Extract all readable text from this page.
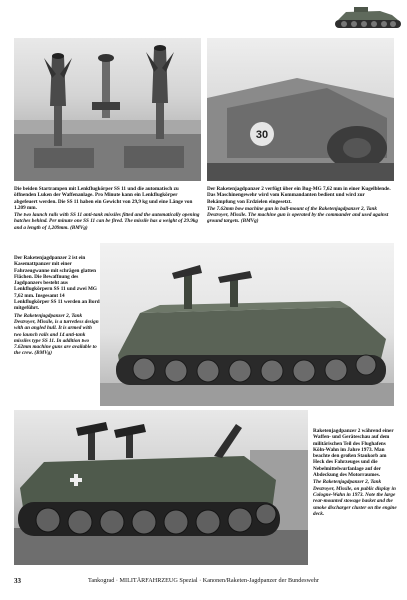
30

Die beiden Startrampen mit Lenkflugkörper SS 11 und die automatisch zu öffnenden Luken der Waffenanlage. Pro Minute kann ein Lenkflugkörper abgefeuert werden. Die SS 11 haben ein Gewicht von 29,9 kg und eine Länge von 1.209 mm.

The two launch rails with SS 11 anti-tank missiles fitted and the automatically opening hatches behind. Per minute one SS 11 can be fired. The missile has a weight of 29.9kg and a length of 1,209mm. (BMVg)

Der Raketenjagdpanzer 2 verfügt über ein Bug-MG 7,62 mm in einer Kugelblende. Das Maschinengewehr wird vom Kommandanten bedient und wird zur Bekämpfung von Erdzielen eingesetzt.

The 7.62mm bow machine gun in ball-mount of the Raketenjagdpanzer 2, Tank Destroyer, Missile. The machine gun is operated by the commander and used against ground targets. (BMVg)

Der Raketenjagdpanzer 2 ist ein Kasemattpanzer mit einer Fahrzeugwanne mit schrägen glatten Flächen. Die Bewaffnung des Jagdpanzers besteht aus Lenkflugkörpern SS 11 und zwei MG 7,62 mm. Insgesamt 14 Lenkflugkörper SS 11 werden an Bord mitgeführt.

The Raketenjagdpanzer 2, Tank Destroyer, Missile, is a turretless design with an angled hull. It is armed with two launch rails and 14 anti-tank missiles type SS 11. In addition two 7.62mm machine guns are available to the crew. (BMVg)

Raketenjagdpanzer 2 während einer Waffen- und Geräteschau auf dem militärischen Teil des Flughafens Köln-Wahn im Jahre 1973. Man beachte den großen Staukorb am Heck des Fahrzeuges und die Nebelmittelwurfanlage auf der Abdeckung des Motorraumes.

The Raketenjagdpanzer 2, Tank Destroyer, Missile, on public display in Cologne-Wahn in 1973. Note the large rear-mounted stowage basket and the smoke discharger cluster on the engine deck.

33	Tankograd · MILITÄRFAHRZEUG Spezial · Kanonen/Raketen-Jagdpanzer der Bundeswehr
